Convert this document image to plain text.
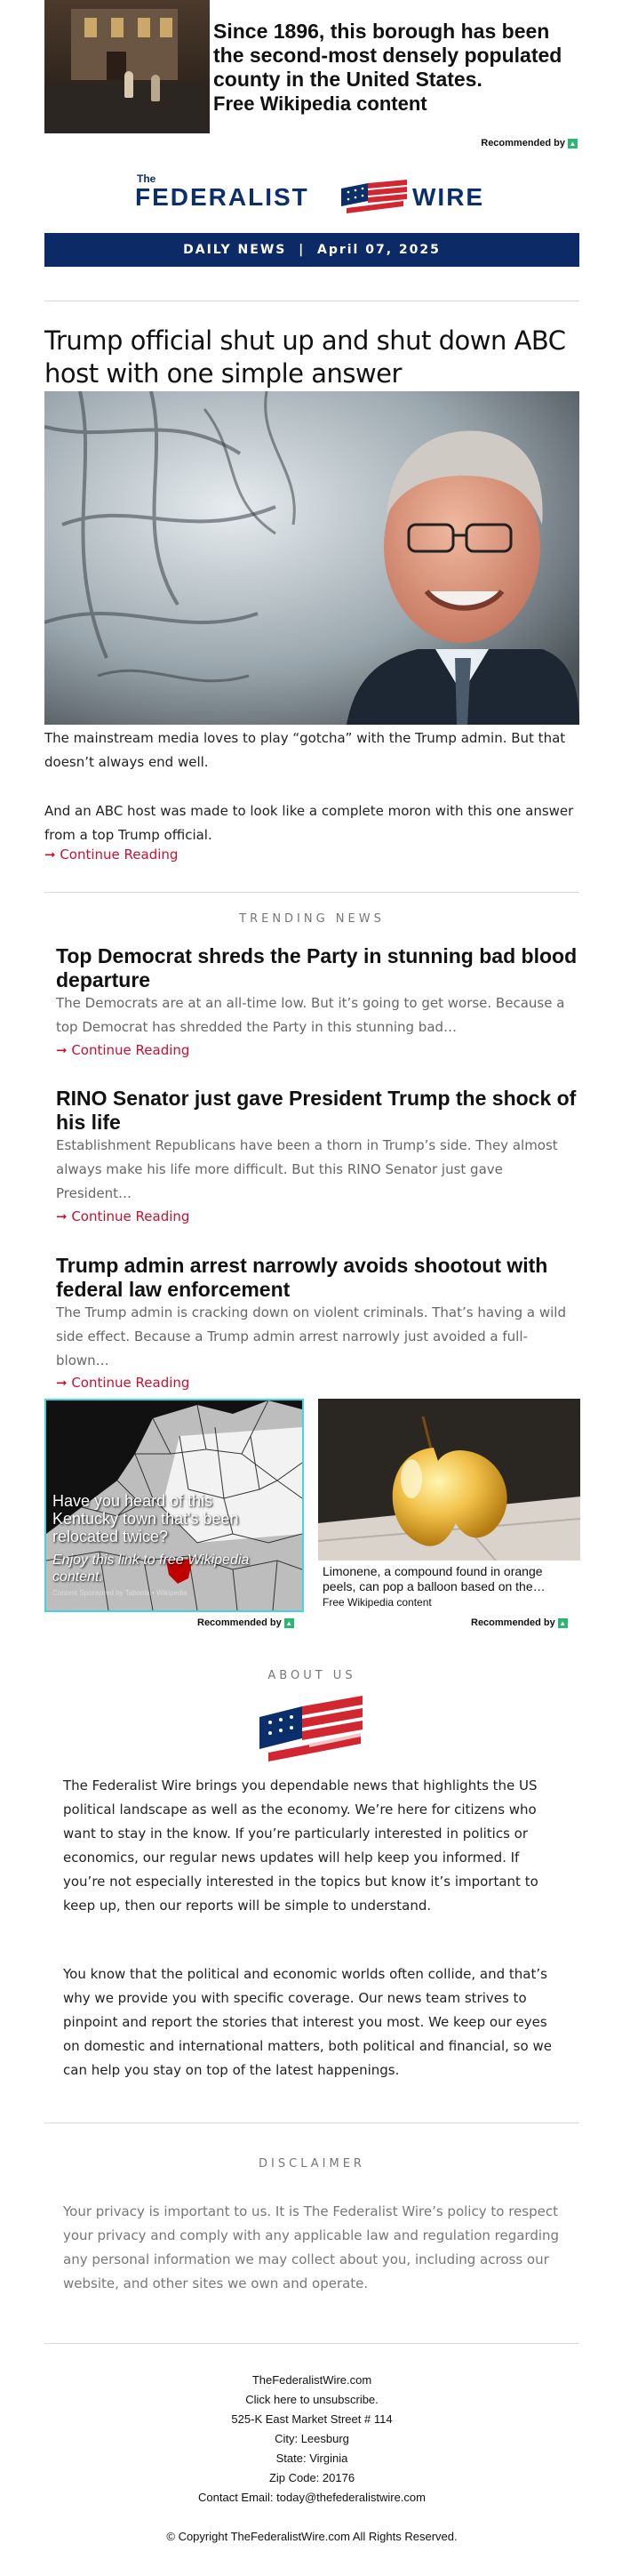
Since 1896, this borough has been the second-most densely populated county in the United States.
Free Wikipedia content
Recommended by ▲
The
FEDERALIST	WIRE
DAILY NEWS | April 07, 2025
Trump official shut up and shut down ABC host with one simple answer
The mainstream media loves to play “gotcha” with the Trump admin. But that doesn’t always end well.
And an ABC host was made to look like a complete moron with this one answer from a top Trump official.
➞ Continue Reading
TRENDING NEWS
Top Democrat shreds the Party in stunning bad blood departure
The Democrats are at an all-time low. But it’s going to get worse. Because a top Democrat has shredded the Party in this stunning bad…
➞ Continue Reading
RINO Senator just gave President Trump the shock of his life
Establishment Republicans have been a thorn in Trump’s side. They almost always make his life more difficult. But this RINO Senator just gave President…
➞ Continue Reading
Trump admin arrest narrowly avoids shootout with federal law enforcement
The Trump admin is cracking down on violent criminals. That’s having a wild side effect. Because a Trump admin arrest narrowly just avoided a full-blown…
➞ Continue Reading
Have you heard of this Kentucky town that's been relocated twice?
Enjoy this link to free Wikipedia content.
Content Sponsored by Taboola • Wikipedia
Limonene, a compound found in orange peels, can pop a balloon based on the…
Free Wikipedia content
Recommended by ▲	Recommended by ▲
ABOUT US
The Federalist Wire brings you dependable news that highlights the US political landscape as well as the economy. We’re here for citizens who want to stay in the know. If you’re particularly interested in politics or economics, our regular news updates will help keep you informed. If you’re not especially interested in the topics but know it’s important to keep up, then our reports will be simple to understand.
You know that the political and economic worlds often collide, and that’s why we provide you with specific coverage. Our news team strives to pinpoint and report the stories that interest you most. We keep our eyes on domestic and international matters, both political and financial, so we can help you stay on top of the latest happenings.
DISCLAIMER
Your privacy is important to us. It is The Federalist Wire’s policy to respect your privacy and comply with any applicable law and regulation regarding any personal information we may collect about you, including across our website, and other sites we own and operate.
TheFederalistWire.com
Click here to unsubscribe.
525-K East Market Street # 114
City: Leesburg
State: Virginia
Zip Code: 20176
Contact Email: today@thefederalistwire.com
© Copyright TheFederalistWire.com All Rights Reserved.
